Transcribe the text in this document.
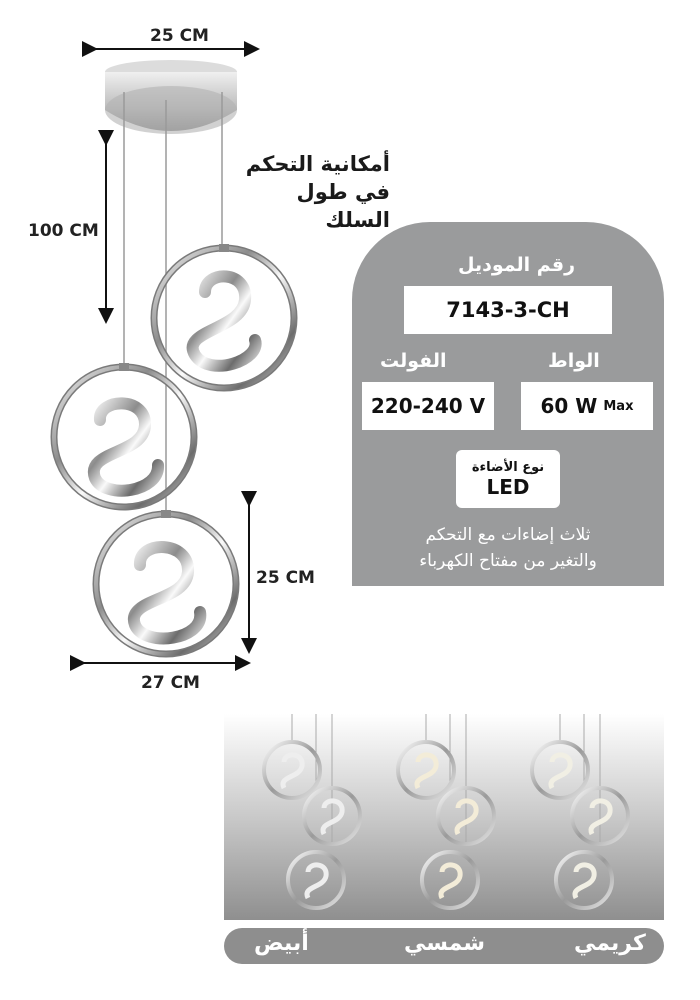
25 CM
100 CM
25 CM
27 CM
أمكانية التحكم
في طول السلك
رقم الموديل
7143-3-CH
الفولت	الواط
220-240 V	60 W Max
نوع الأضاءة
LED
ثلاث إضاءات مع التحكم
والتغير من مفتاح الكهرباء
أبيض	شمسي	كريمي
